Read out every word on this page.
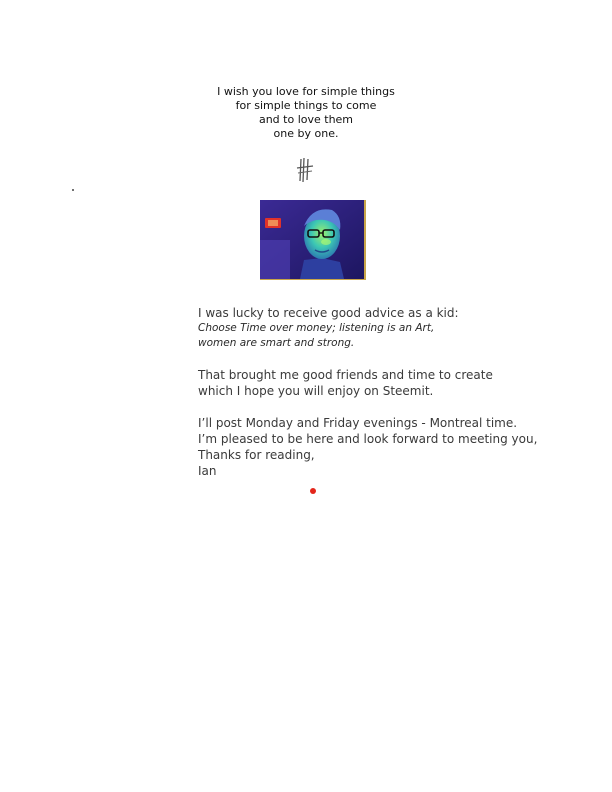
I wish you love for simple things
for simple things to come
and to love them
one by one.

I was lucky to receive good advice as a kid:

Choose Time over money; listening is an Art,

women are smart and strong.

That brought me good friends and time to create

which I hope you will enjoy on Steemit.

I’ll post Monday and Friday evenings - Montreal time.

I’m pleased to be here and look forward to meeting you,

Thanks for reading,

Ian
